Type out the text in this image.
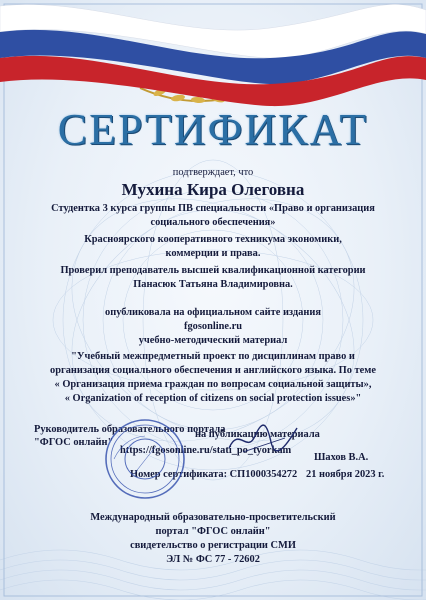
СЕРТИФИКАТ
подтверждает, что
Мухина Кира Олеговна
Студентка 3 курса группы ПВ специальности «Право и организация
социального обеспечения»
Красноярского кооперативного техникума экономики,
коммерции и права.
Проверил преподаватель высшей квалификационной категории
Панасюк Татьяна Владимировна.
опубликовала на официальном сайте издания
fgosonline.ru
учебно-методический материал
"Учебный межпредметный проект по дисциплинам право и
организация социального обеспечения и английского языка. По теме
« Организация приема граждан по вопросам социальной защиты»,
« Organization of reception of citizens on social protection issues»"
Руководитель образовательного портала
"ФГОС онлайн"
на публикацию материала
https://fgosonline.ru/stati_po_tyorkam
Номер сертификата: СП1000354272
Шахов В.А.
21 ноября 2023 г.
Международный образовательно-просветительский
портал "ФГОС онлайн"
свидетельство о регистрации СМИ
ЭЛ № ФС 77 - 72602
